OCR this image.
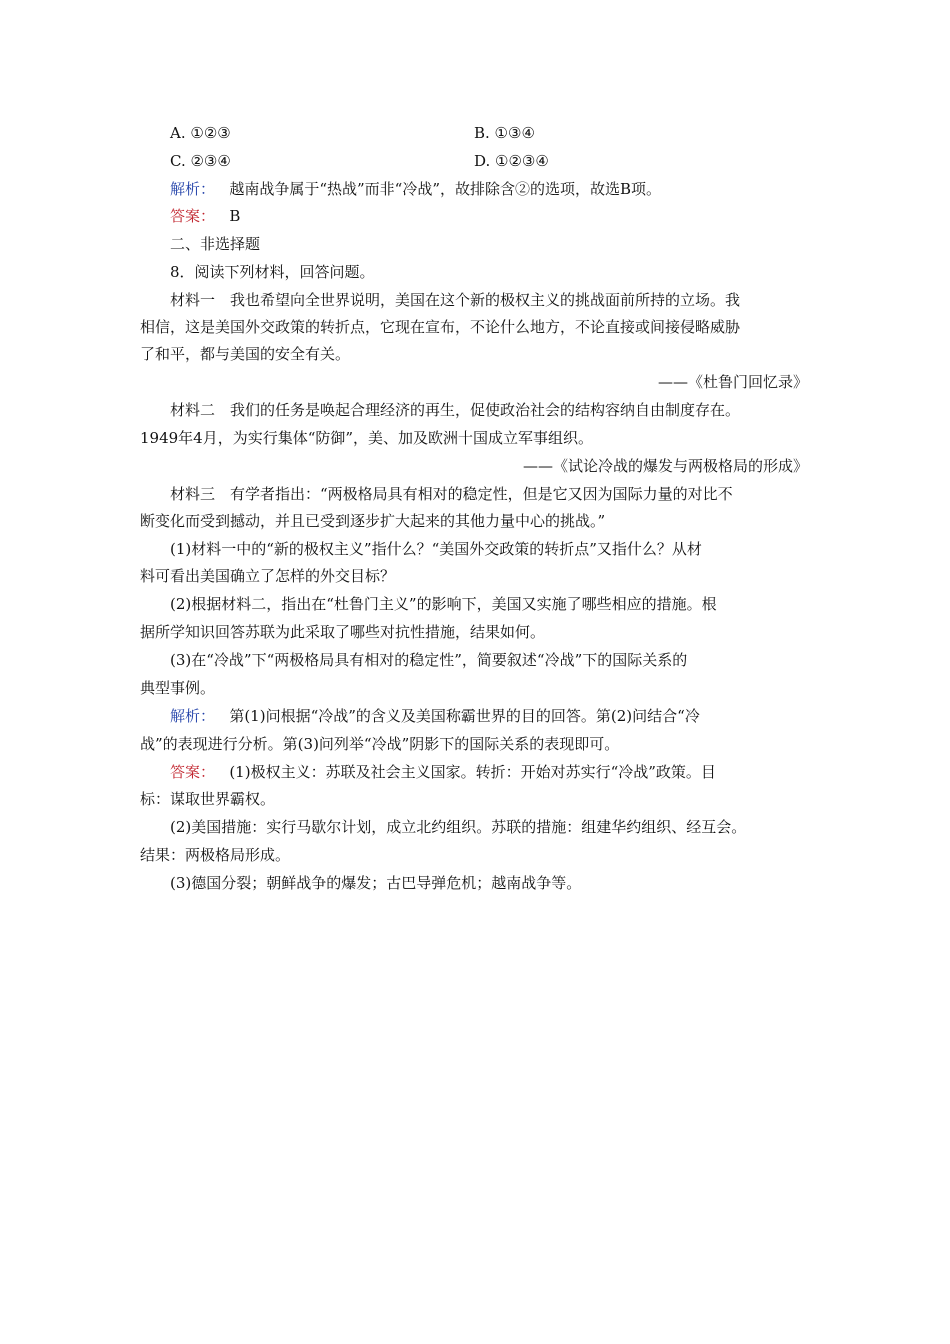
A. ①②③	B. ①③④
C. ②③④	D. ①②③④
解析： 越南战争属于“热战”而非“冷战”，故排除含②的选项，故选B项。
答案： B
二、非选择题
8．阅读下列材料，回答问题。
材料一　我也希望向全世界说明，美国在这个新的极权主义的挑战面前所持的立场。我
相信，这是美国外交政策的转折点，它现在宣布，不论什么地方，不论直接或间接侵略威胁
了和平，都与美国的安全有关。
——《杜鲁门回忆录》
材料二　我们的任务是唤起合理经济的再生，促使政治社会的结构容纳自由制度存在。
1949年4月，为实行集体“防御”，美、加及欧洲十国成立军事组织。
——《试论冷战的爆发与两极格局的形成》
材料三　有学者指出：“两极格局具有相对的稳定性，但是它又因为国际力量的对比不
断变化而受到撼动，并且已受到逐步扩大起来的其他力量中心的挑战。”
(1)材料一中的“新的极权主义”指什么？“美国外交政策的转折点”又指什么？从材
料可看出美国确立了怎样的外交目标？
(2)根据材料二，指出在“杜鲁门主义”的影响下，美国又实施了哪些相应的措施。根
据所学知识回答苏联为此采取了哪些对抗性措施，结果如何。
(3)在“冷战”下“两极格局具有相对的稳定性”，简要叙述“冷战”下的国际关系的
典型事例。
解析： 第(1)问根据“冷战”的含义及美国称霸世界的目的回答。第(2)问结合“冷
战”的表现进行分析。第(3)问列举“冷战”阴影下的国际关系的表现即可。
答案： (1)极权主义：苏联及社会主义国家。转折：开始对苏实行“冷战”政策。目
标：谋取世界霸权。
(2)美国措施：实行马歇尔计划，成立北约组织。苏联的措施：组建华约组织、经互会。
结果：两极格局形成。
(3)德国分裂；朝鲜战争的爆发；古巴导弹危机；越南战争等。
